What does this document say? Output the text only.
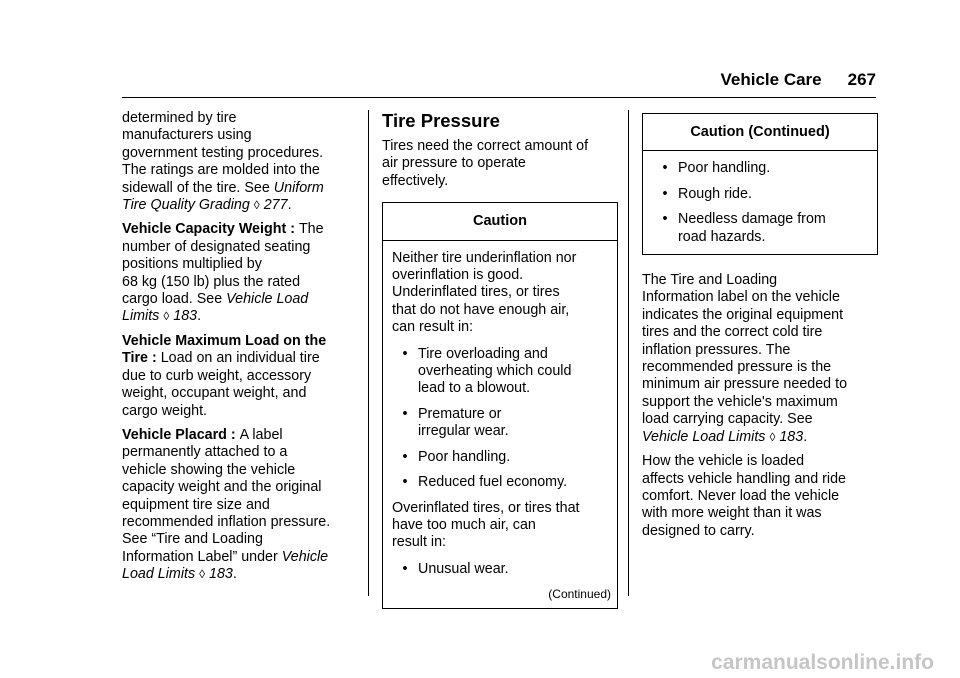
Vehicle Care 267

determined by tire
manufacturers using
government testing procedures.
The ratings are molded into the
sidewall of the tire. See Uniform
Tire Quality Grading ◊ 277.

Vehicle Capacity Weight : The
number of designated seating
positions multiplied by
68 kg (150 lb) plus the rated
cargo load. See Vehicle Load
Limits ◊ 183.

Vehicle Maximum Load on the
Tire : Load on an individual tire
due to curb weight, accessory
weight, occupant weight, and
cargo weight.

Vehicle Placard : A label
permanently attached to a
vehicle showing the vehicle
capacity weight and the original
equipment tire size and
recommended inflation pressure.
See “Tire and Loading
Information Label” under Vehicle
Load Limits ◊ 183.

Tire Pressure

Tires need the correct amount of
air pressure to operate
effectively.

Caution

Neither tire underinflation nor
overinflation is good.
Underinflated tires, or tires
that do not have enough air,
can result in:

• Tire overloading and
overheating which could
lead to a blowout.
• Premature or
irregular wear.
• Poor handling.
• Reduced fuel economy.

Overinflated tires, or tires that
have too much air, can
result in:

• Unusual wear.
(Continued)
Caution (Continued)
• Poor handling.
• Rough ride.
• Needless damage from
road hazards.

The Tire and Loading
Information label on the vehicle
indicates the original equipment
tires and the correct cold tire
inflation pressures. The
recommended pressure is the
minimum air pressure needed to
support the vehicle's maximum
load carrying capacity. See
Vehicle Load Limits ◊ 183.

How the vehicle is loaded
affects vehicle handling and ride
comfort. Never load the vehicle
with more weight than it was
designed to carry.

carmanualsonline.info
